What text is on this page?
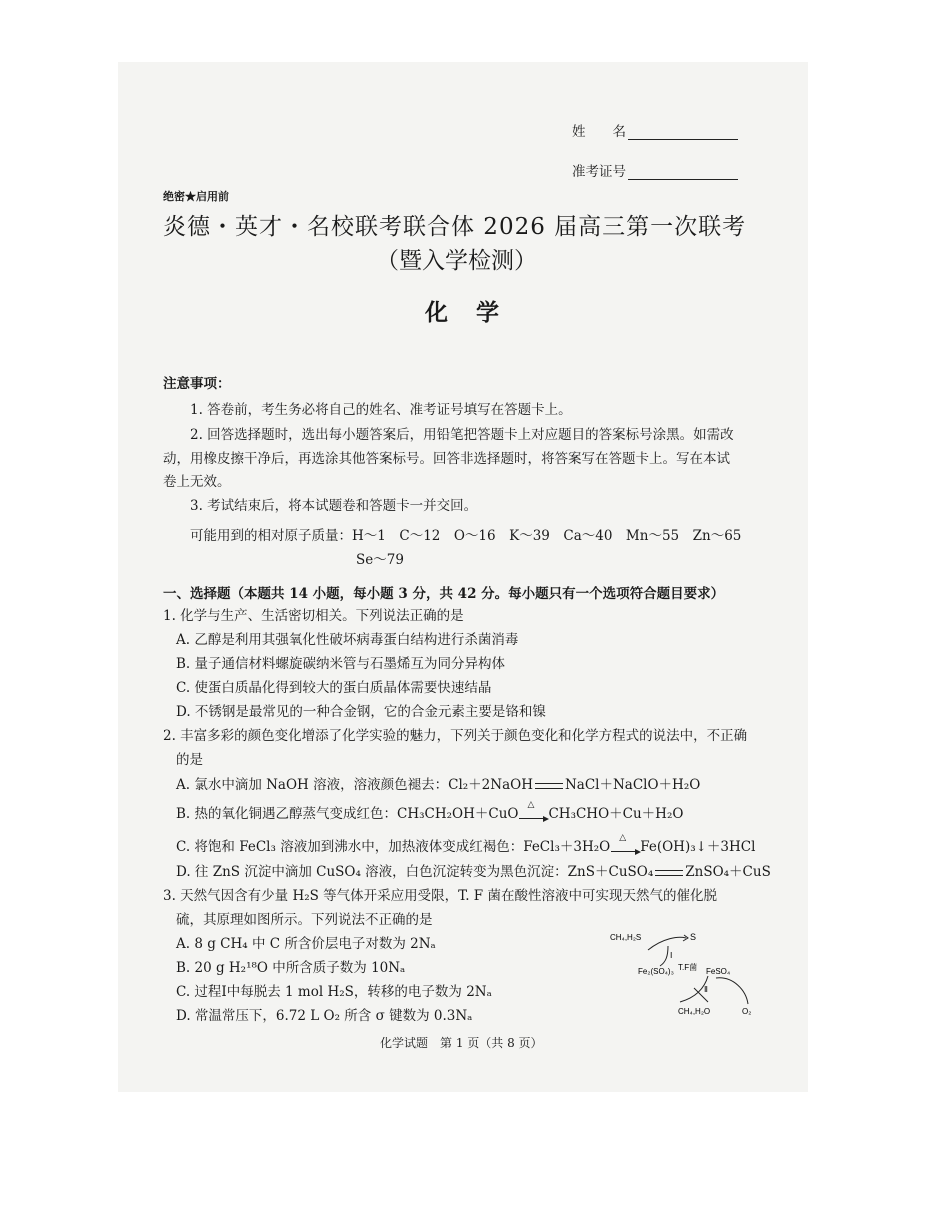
姓　　名
准考证号
绝密★启用前
炎德・英才・名校联考联合体 2026 届高三第一次联考
（暨入学检测）
化学
注意事项：
1. 答卷前，考生务必将自己的姓名、准考证号填写在答题卡上。
2. 回答选择题时，选出每小题答案后，用铅笔把答题卡上对应题目的答案标号涂黑。如需改
动，用橡皮擦干净后，再选涂其他答案标号。回答非选择题时，将答案写在答题卡上。写在本试
卷上无效。
3. 考试结束后，将本试题卷和答题卡一并交回。
可能用到的相对原子质量：H～1　C～12　O～16　K～39　Ca～40　Mn～55　Zn～65
Se～79
一、选择题（本题共 14 小题，每小题 3 分，共 42 分。每小题只有一个选项符合题目要求）
1. 化学与生产、生活密切相关。下列说法正确的是
A. 乙醇是利用其强氧化性破坏病毒蛋白结构进行杀菌消毒
B. 量子通信材料螺旋碳纳米管与石墨烯互为同分异构体
C. 使蛋白质晶化得到较大的蛋白质晶体需要快速结晶
D. 不锈钢是最常见的一种合金钢，它的合金元素主要是铬和镍
2. 丰富多彩的颜色变化增添了化学实验的魅力，下列关于颜色变化和化学方程式的说法中，不正确
的是
A. 氯水中滴加 NaOH 溶液，溶液颜色褪去：Cl₂＋2NaOH NaCl＋NaClO＋H₂O
B. 热的氧化铜遇乙醇蒸气变成红色：CH₃CH₂OH＋CuO
△
CH₃CHO＋Cu＋H₂O
C. 将饱和 FeCl₃ 溶液加到沸水中，加热液体变成红褐色：FeCl₃＋3H₂O
△
Fe(OH)₃↓＋3HCl
D. 往 ZnS 沉淀中滴加 CuSO₄ 溶液，白色沉淀转变为黑色沉淀：ZnS＋CuSO₄ ZnSO₄＋CuS
3. 天然气因含有少量 H₂S 等气体开采应用受限，T. F 菌在酸性溶液中可实现天然气的催化脱
硫，其原理如图所示。下列说法不正确的是
A. 8 g CH₄ 中 C 所含价层电子对数为 2Nₐ
B. 20 g H₂¹⁸O 中所含质子数为 10Nₐ
C. 过程Ⅰ中每脱去 1 mol H₂S，转移的电子数为 2Nₐ
D. 常温常压下，6.72 L O₂ 所含 σ 键数为 0.3Nₐ
CH₄,H₂S	S
Ⅰ
Fe₂(SO₄)₃ T.F菌 FeSO₄
Ⅱ
CH₄,H₂O	O₂
化学试题　第 1 页（共 8 页）
